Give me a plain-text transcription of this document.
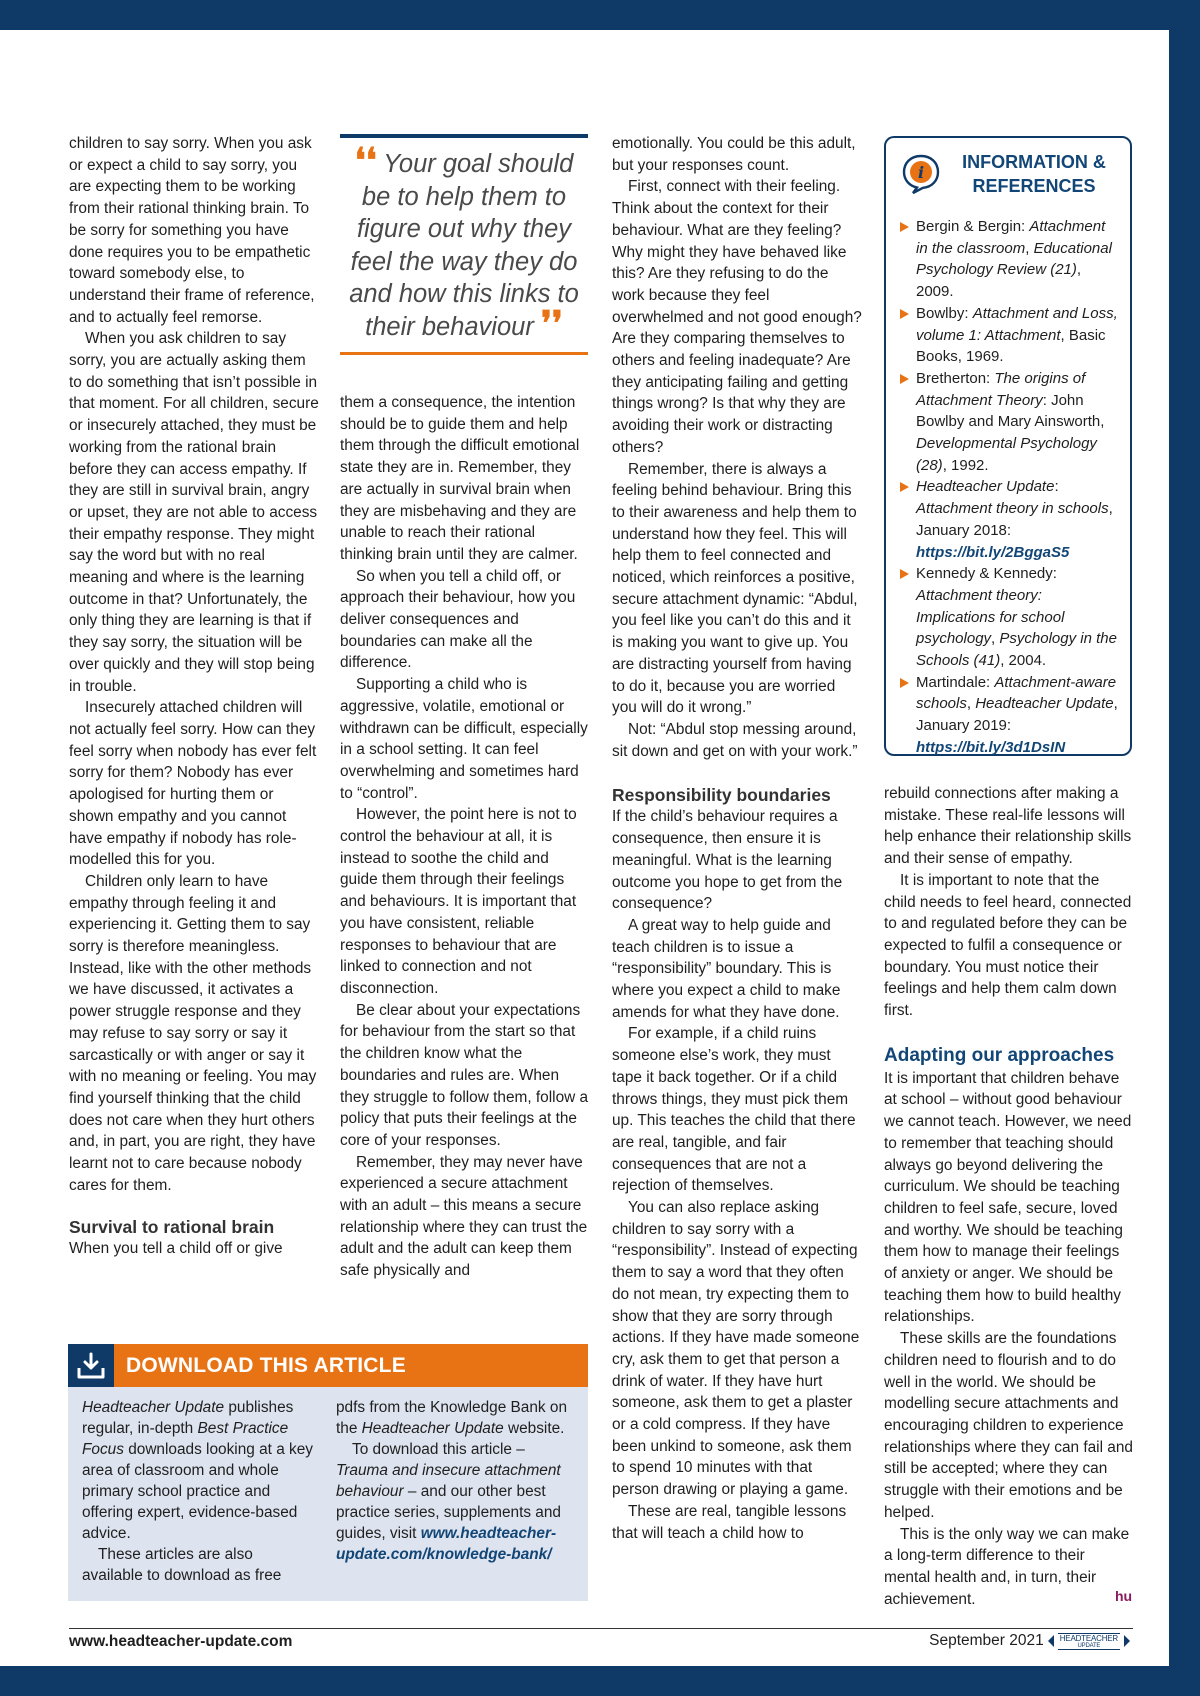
children to say sorry. When you ask or expect a child to say sorry, you are expecting them to be working from their rational thinking brain. To be sorry for something you have done requires you to be empathetic toward somebody else, to understand their frame of reference, and to actually feel remorse.

When you ask children to say sorry, you are actually asking them to do something that isn’t possible in that moment. For all children, secure or insecurely attached, they must be working from the rational brain before they can access empathy. If they are still in survival brain, angry or upset, they are not able to access their empathy response. They might say the word but with no real meaning and where is the learning outcome in that? Unfortunately, the only thing they are learning is that if they say sorry, the situation will be over quickly and they will stop being in trouble.

Insecurely attached children will not actually feel sorry. How can they feel sorry when nobody has ever felt sorry for them? Nobody has ever apologised for hurting them or shown empathy and you cannot have empathy if nobody has role-modelled this for you.

Children only learn to have empathy through feeling it and experiencing it. Getting them to say sorry is therefore meaningless. Instead, like with the other methods we have discussed, it activates a power struggle response and they may refuse to say sorry or say it sarcastically or with anger or say it with no meaning or feeling. You may find yourself thinking that the child does not care when they hurt others and, in part, you are right, they have learnt not to care because nobody cares for them.

Survival to rational brain

When you tell a child off or give

❛❛ Your goal should be to help them to figure out why they feel the way they do and how this links to their behaviour ❜❜

them a consequence, the intention should be to guide them and help them through the difficult emotional state they are in. Remember, they are actually in survival brain when they are misbehaving and they are unable to reach their rational thinking brain until they are calmer.

So when you tell a child off, or approach their behaviour, how you deliver consequences and boundaries can make all the difference.

Supporting a child who is aggressive, volatile, emotional or withdrawn can be difficult, especially in a school setting. It can feel overwhelming and sometimes hard to “control”.

However, the point here is not to control the behaviour at all, it is instead to soothe the child and guide them through their feelings and behaviours. It is important that you have consistent, reliable responses to behaviour that are linked to connection and not disconnection.

Be clear about your expectations for behaviour from the start so that the children know what the boundaries and rules are. When they struggle to follow them, follow a policy that puts their feelings at the core of your responses.

Remember, they may never have experienced a secure attachment with an adult – this means a secure relationship where they can trust the adult and the adult can keep them safe physically and

emotionally. You could be this adult, but your responses count.

First, connect with their feeling. Think about the context for their behaviour. What are they feeling? Why might they have behaved like this? Are they refusing to do the work because they feel overwhelmed and not good enough? Are they comparing themselves to others and feeling inadequate? Are they anticipating failing and getting things wrong? Is that why they are avoiding their work or distracting others?

Remember, there is always a feeling behind behaviour. Bring this to their awareness and help them to understand how they feel. This will help them to feel connected and noticed, which reinforces a positive, secure attachment dynamic: “Abdul, you feel like you can’t do this and it is making you want to give up. You are distracting yourself from having to do it, because you are worried you will do it wrong.”

Not: “Abdul stop messing around, sit down and get on with your work.”

Responsibility boundaries

If the child’s behaviour requires a consequence, then ensure it is meaningful. What is the learning outcome you hope to get from the consequence?

A great way to help guide and teach children is to issue a “responsibility” boundary. This is where you expect a child to make amends for what they have done.

For example, if a child ruins someone else’s work, they must tape it back together. Or if a child throws things, they must pick them up. This teaches the child that there are real, tangible, and fair consequences that are not a rejection of themselves.

You can also replace asking children to say sorry with a “responsibility”. Instead of expecting them to say a word that they often do not mean, try expecting them to show that they are sorry through actions. If they have made someone cry, ask them to get that person a drink of water. If they have hurt someone, ask them to get a plaster or a cold compress. If they have been unkind to someone, ask them to spend 10 minutes with that person drawing or playing a game.

These are real, tangible lessons that will teach a child how to

i
INFORMATION &
REFERENCES
Bergin & Bergin: Attachment in the classroom, Educational Psychology Review (21), 2009.
Bowlby: Attachment and Loss, volume 1: Attachment, Basic Books, 1969.
Bretherton: The origins of Attachment Theory: John Bowlby and Mary Ainsworth, Developmental Psychology (28), 1992.
Headteacher Update: Attachment theory in schools, January 2018: https://bit.ly/2BggaS5
Kennedy & Kennedy: Attachment theory: Implications for school psychology, Psychology in the Schools (41), 2004.
Martindale: Attachment-aware schools, Headteacher Update, January 2019: https://bit.ly/3d1DsIN

rebuild connections after making a mistake. These real-life lessons will help enhance their relationship skills and their sense of empathy.

It is important to note that the child needs to feel heard, connected to and regulated before they can be expected to fulfil a consequence or boundary. You must notice their feelings and help them calm down first.

Adapting our approaches

It is important that children behave at school – without good behaviour we cannot teach. However, we need to remember that teaching should always go beyond delivering the curriculum. We should be teaching children to feel safe, secure, loved and worthy. We should be teaching them how to manage their feelings of anxiety or anger. We should be teaching them how to build healthy relationships.

These skills are the foundations children need to flourish and to do well in the world. We should be modelling secure attachments and encouraging children to experience relationships where they can fail and still be accepted; where they can struggle with their emotions and be helped.

This is the only way we can make a long-term difference to their mental health and, in turn, their achievement.	hu
DOWNLOAD THIS ARTICLE

Headteacher Update publishes regular, in-depth Best Practice Focus downloads looking at a key area of classroom and whole primary school practice and offering expert, evidence-based advice.

These articles are also available to download as free

pdfs from the Knowledge Bank on the Headteacher Update website.

To download this article – Trauma and insecure attachment behaviour – and our other best practice series, supplements and guides, visit www.headteacher-update.com/knowledge-bank/

www.headteacher-update.com	September 2021 HEADTEACHER
UPDATE
